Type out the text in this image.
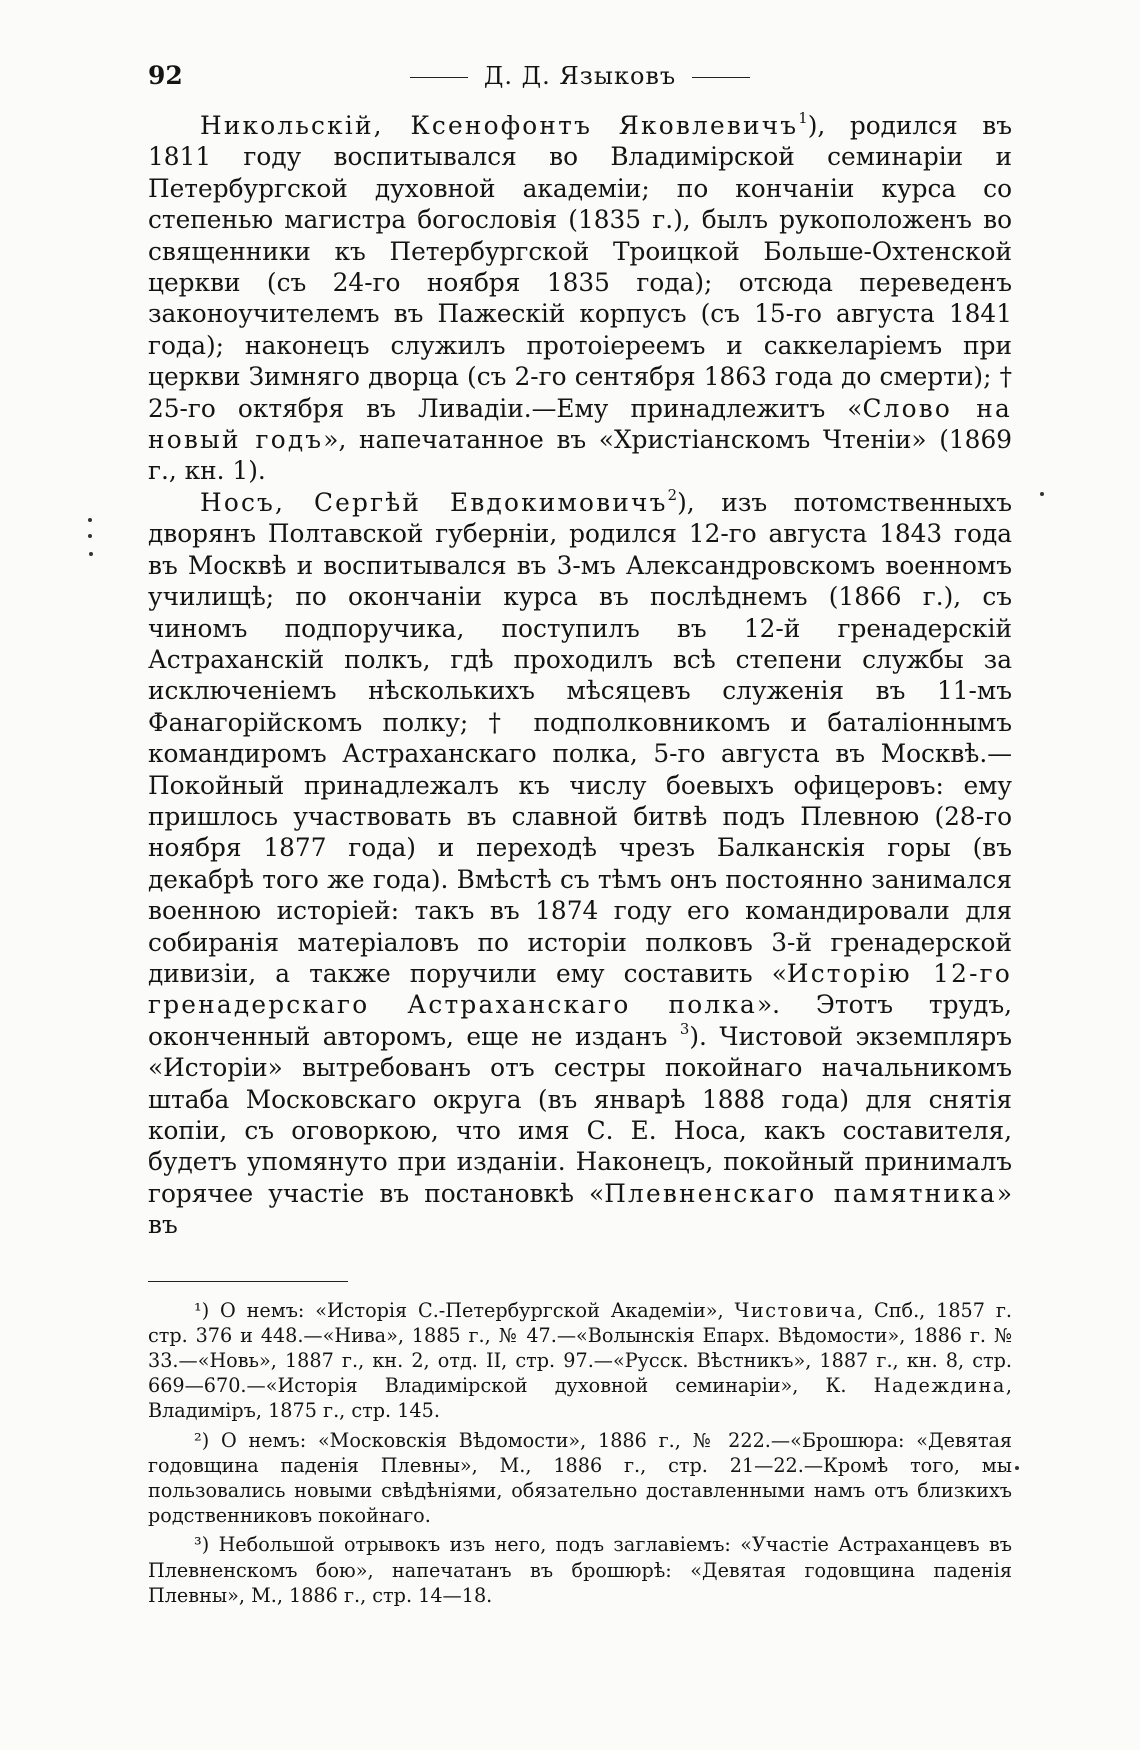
92	Д. Д. Языковъ

Никольскій, Ксенофонтъ Яковлевичъ$^1$), родился въ 1811 году воспитывался во Владимірской семинаріи и Петербургской духовной академіи; по кончаніи курса со степенью магистра богословія (1835 г.), былъ рукоположенъ во священники къ Петербургской Троицкой Больше-Охтенской церкви (съ 24-го ноября 1835 года); отсюда переведенъ законоучителемъ въ Пажескій корпусъ (съ 15-го августа 1841 года); наконецъ служилъ протоіереемъ и саккеларіемъ при церкви Зимняго дворца (съ 2-го сентября 1863 года до смерти); † 25-го октября въ Ливадіи.—Ему принадлежитъ «Слово на новый годъ», напечатанное въ «Христіанскомъ Чтеніи» (1869 г., кн. 1).

Носъ, Сергѣй Евдокимовичъ$^2$), изъ потомственныхъ дворянъ Полтавской губерніи, родился 12-го августа 1843 года въ Москвѣ и воспитывался въ 3-мъ Александровскомъ военномъ училищѣ; по окончаніи курса въ послѣднемъ (1866 г.), съ чиномъ подпоручика, поступилъ въ 12-й гренадерскій Астраханскій полкъ, гдѣ проходилъ всѣ степени службы за исключеніемъ нѣсколькихъ мѣсяцевъ служенія въ 11-мъ Фанагорійскомъ полку; † подполковникомъ и баталіоннымъ командиромъ Астраханскаго полка, 5-го августа въ Москвѣ.—Покойный принадлежалъ къ числу боевыхъ офицеровъ: ему пришлось участвовать въ славной битвѣ подъ Плевною (28-го ноября 1877 года) и переходѣ чрезъ Балканскія горы (въ декабрѣ того же года). Вмѣстѣ съ тѣмъ онъ постоянно занимался военною исторіей: такъ въ 1874 году его командировали для собиранія матеріаловъ по исторіи полковъ 3-й гренадерской дивизіи, а также поручили ему составить «Исторію 12-го гренадерскаго Астраханскаго полка». Этотъ трудъ, оконченный авторомъ, еще не изданъ $^3$). Чистовой экземпляръ «Исторіи» вытребованъ отъ сестры покойнаго начальникомъ штаба Московскаго округа (въ январѣ 1888 года) для снятія копіи, съ оговоркою, что имя С. Е. Носа, какъ составителя, будетъ упомянуто при изданіи. Наконецъ, покойный принималъ горячее участіе въ постановкѣ «Плевненскаго памятника» въ

¹) О немъ: «Исторія С.-Петербургской Академіи», Чистовича, Спб., 1857 г. стр. 376 и 448.—«Нива», 1885 г., № 47.—«Волынскія Епарх. Вѣдомости», 1886 г. № 33.—«Новь», 1887 г., кн. 2, отд. II, стр. 97.—«Русск. Вѣстникъ», 1887 г., кн. 8, стр. 669—670.—«Исторія Владимірской духовной семинаріи», К. Надеждина, Владиміръ, 1875 г., стр. 145.

²) О немъ: «Московскія Вѣдомости», 1886 г., № 222.—«Брошюра: «Девятая годовщина паденія Плевны», М., 1886 г., стр. 21—22.—Кромѣ того, мы пользовались новыми свѣдѣніями, обязательно доставленными намъ отъ близкихъ родственниковъ покойнаго.

³) Небольшой отрывокъ изъ него, подъ заглавіемъ: «Участіе Астраханцевъ въ Плевненскомъ бою», напечатанъ въ брошюрѣ: «Девятая годовщина паденія Плевны», М., 1886 г., стр. 14—18.
